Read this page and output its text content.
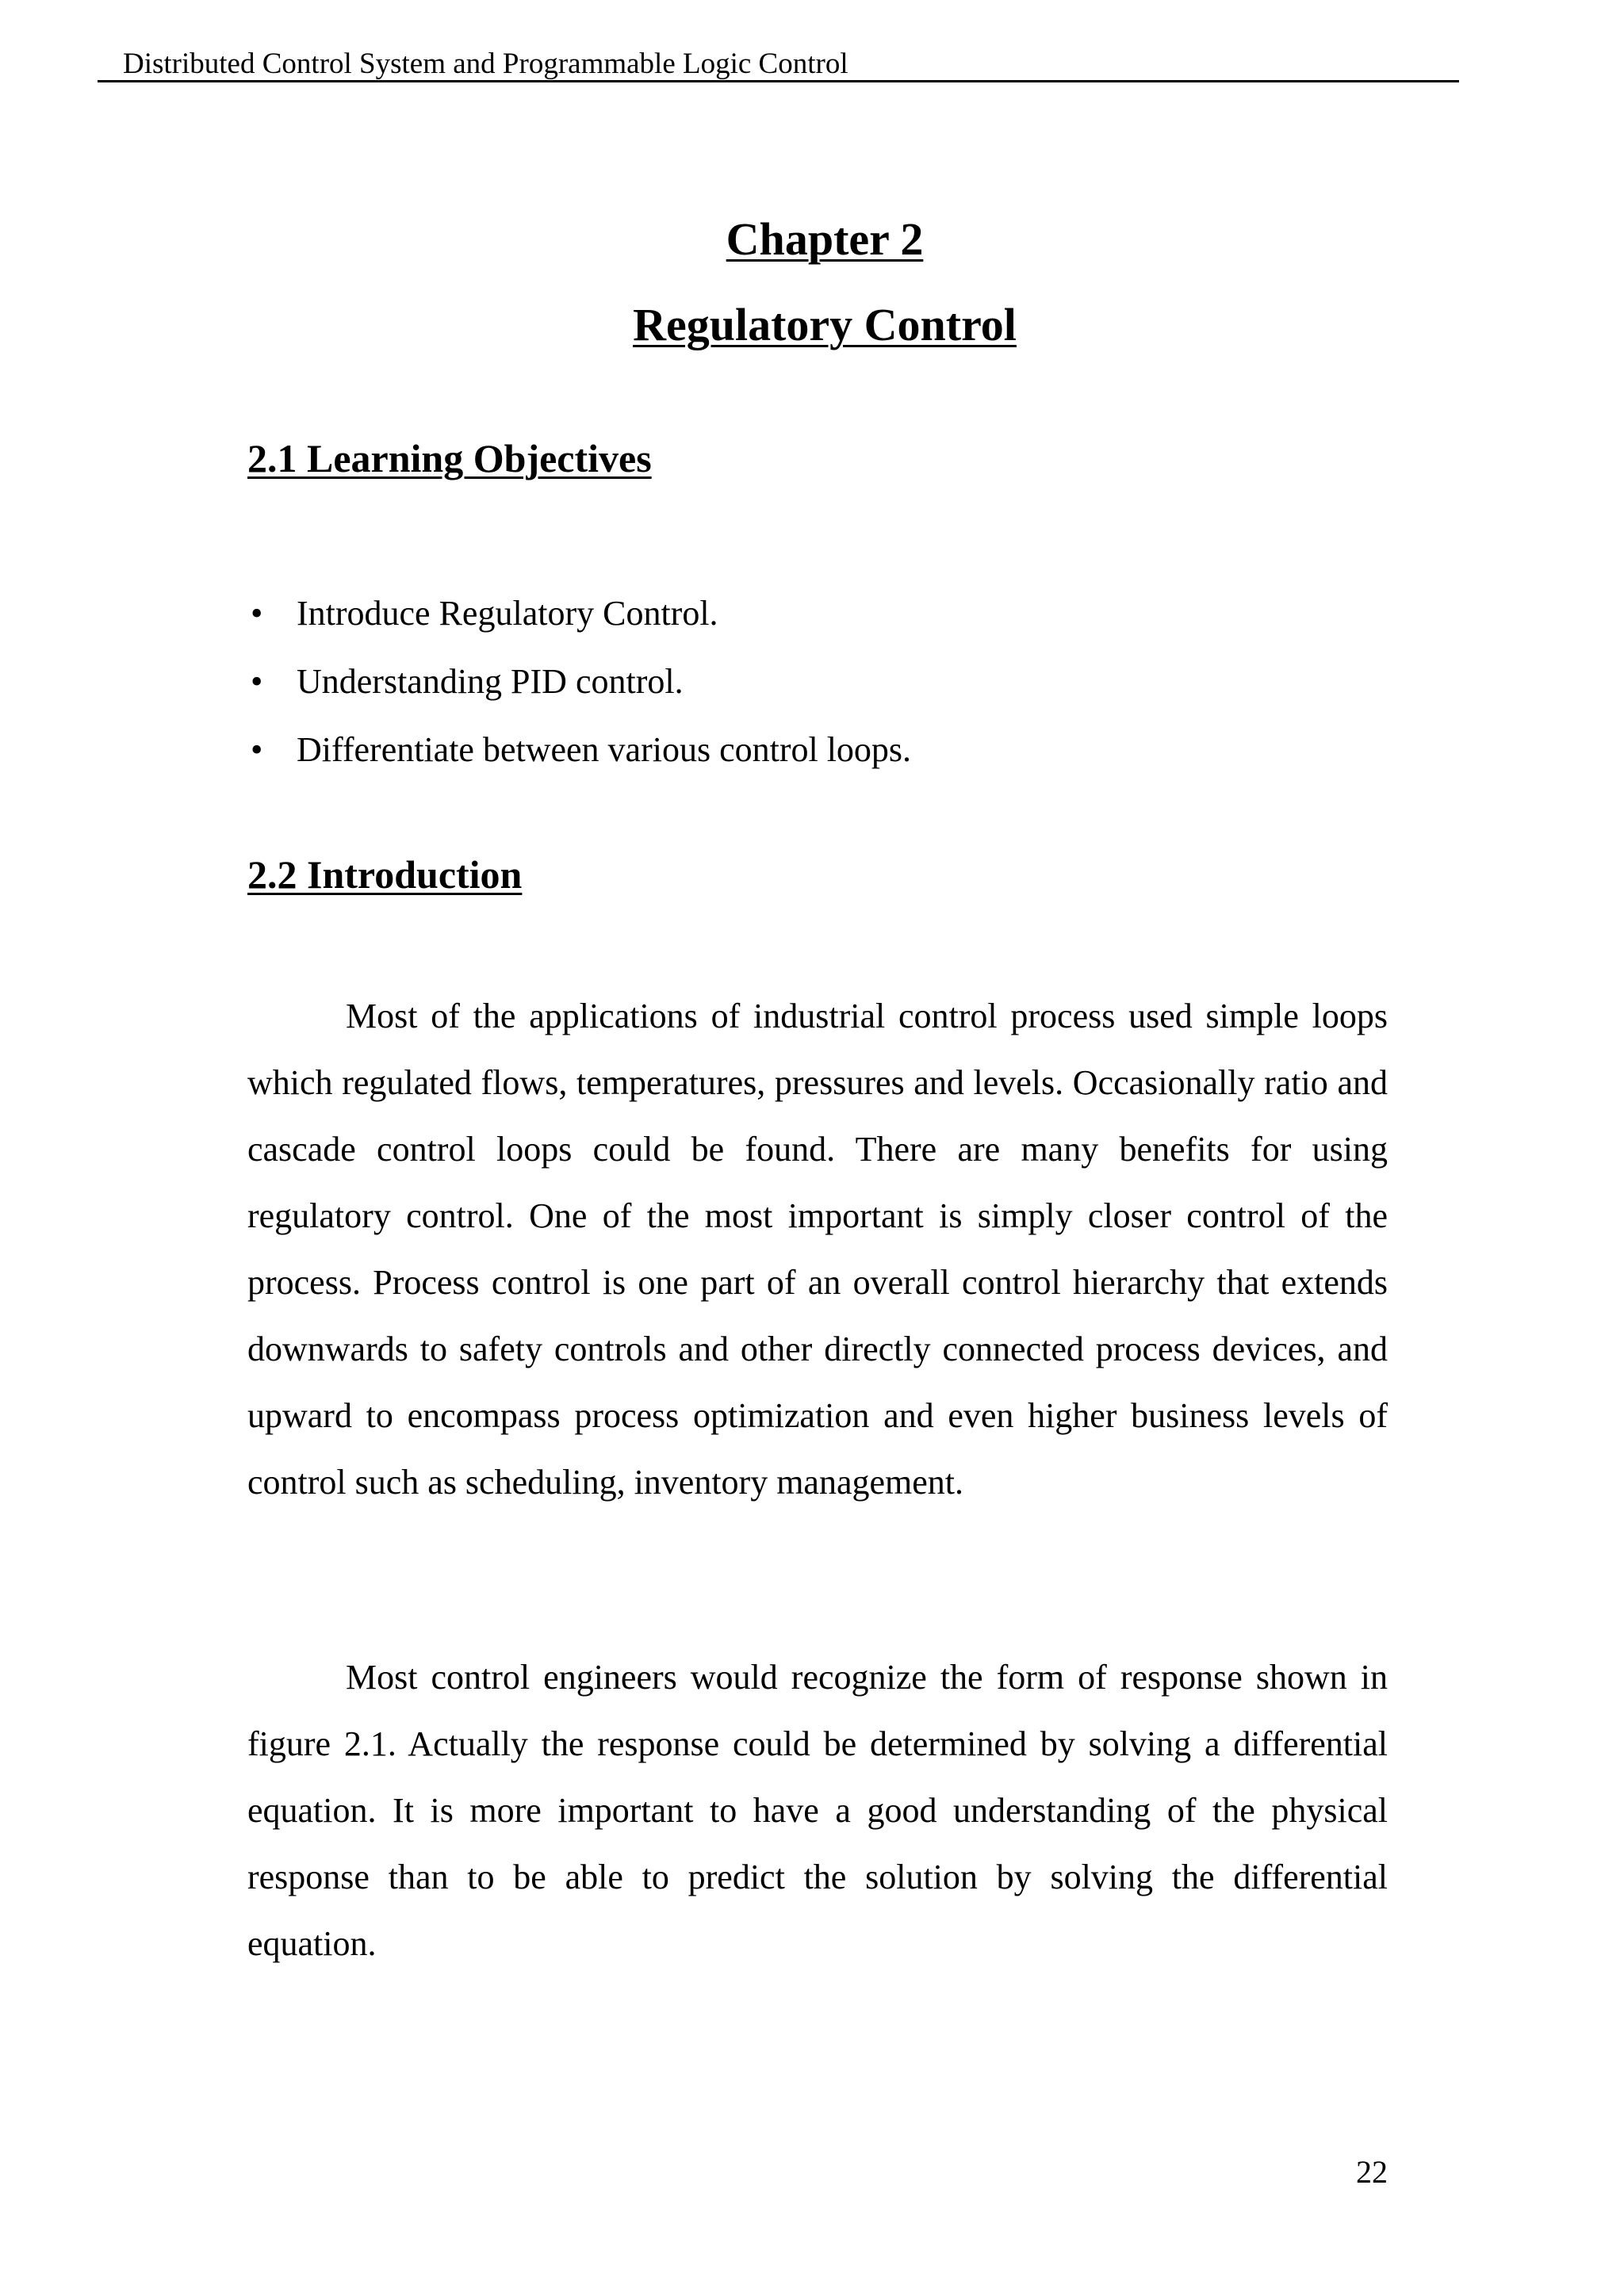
Distributed Control System and Programmable Logic Control
Chapter 2
Regulatory Control
2.1 Learning Objectives
• Introduce Regulatory Control.
• Understanding PID control.
• Differentiate between various control loops.
2.2 Introduction

Most of the applications of industrial control process used simple loops which regulated flows, temperatures, pressures and levels. Occasionally ratio and cascade control loops could be found. There are many benefits for using regulatory control. One of the most important is simply closer control of the process. Process control is one part of an overall control hierarchy that extends downwards to safety controls and other directly connected process devices, and upward to encompass process optimization and even higher business levels of control such as scheduling, inventory management.

Most control engineers would recognize the form of response shown in figure 2.1. Actually the response could be determined by solving a differential equation. It is more important to have a good understanding of the physical response than to be able to predict the solution by solving the differential equation.

22
